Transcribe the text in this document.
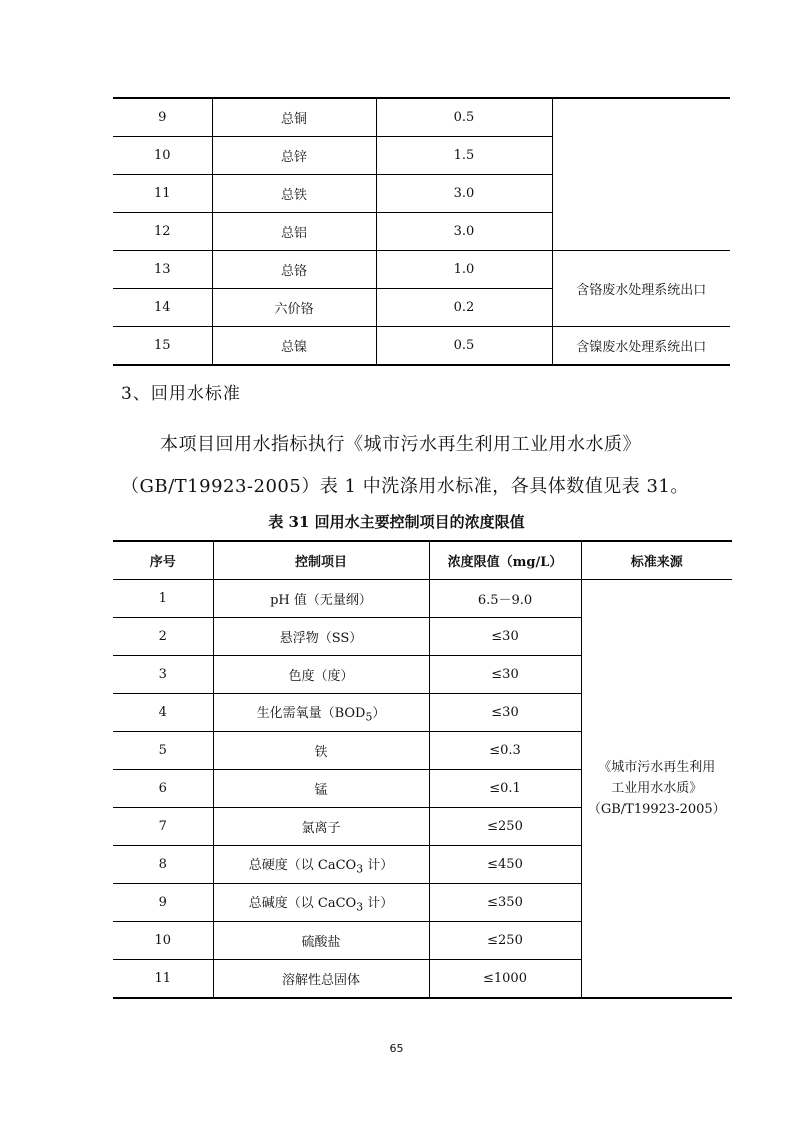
9	总铜	0.5	
10	总锌	1.5	
11	总铁	3.0	
12	总铝	3.0	
13	总铬	1.0	含铬废水处理系统出口
14	六价铬	0.2	
15	总镍	0.5	含镍废水处理系统出口
3、回用水标准
本项目回用水指标执行《城市污水再生利用工业用水水质》
（GB/T19923-2005）表 1 中洗涤用水标准，各具体数值见表 31。
表 31 回用水主要控制项目的浓度限值
序号	控制项目	浓度限值（mg/L）	标准来源
1	pH 值（无量纲）	6.5－9.0	《城市污水再生利用
工业用水水质》
（GB/T19923-2005）

2	悬浮物（SS）	≤30	
3	色度（度）	≤30	
4	生化需氧量$(BOD_5)$	≤30	
5	铁	≤0.3	
6	锰	≤0.1	
7	氯离子	≤250	
8	总硬度（以 CaCO$_3$ 计）	≤450	
9	总碱度（以 CaCO$_3$ 计）	≤350	
10	硫酸盐	≤250	
11	溶解性总固体	≤1000	
65
